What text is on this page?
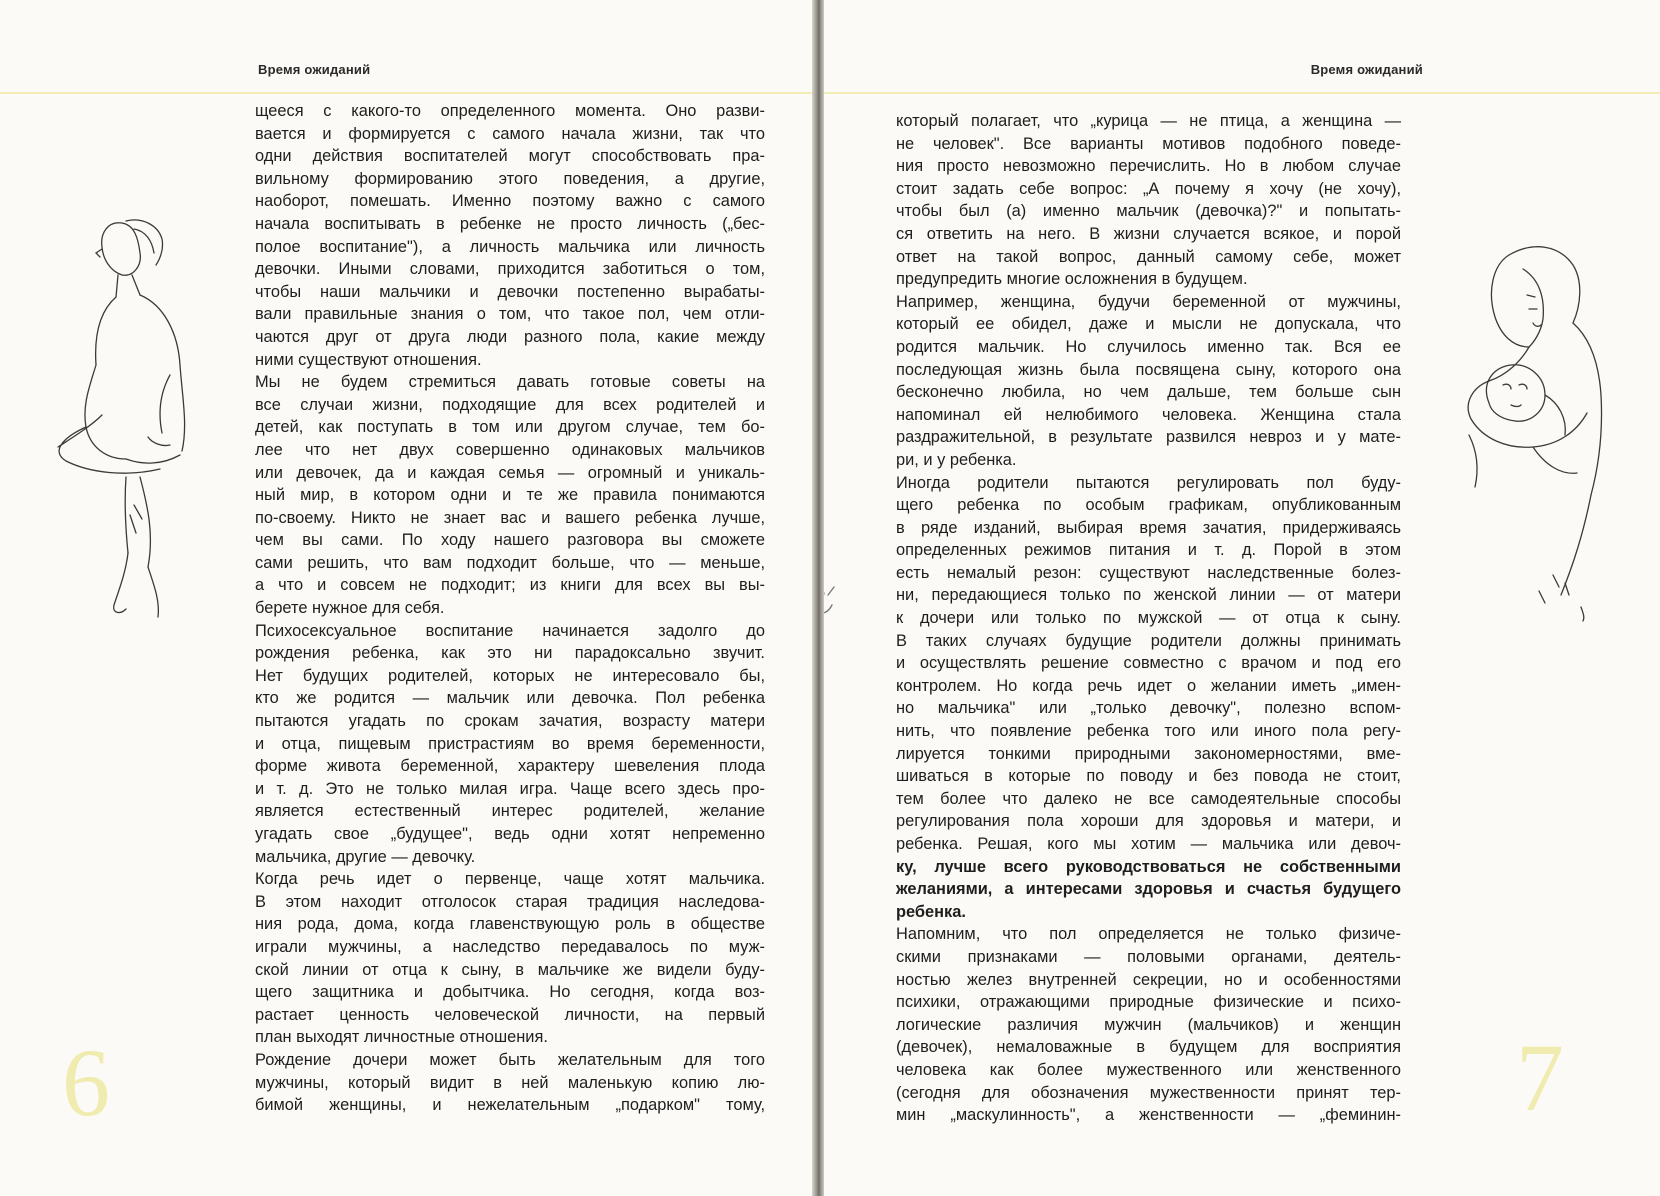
Время ожиданий
щееся с какого-то определенного момента. Оно разви-
вается и формируется с самого начала жизни, так что
одни действия воспитателей могут способствовать пра-
вильному формированию этого поведения, а другие,
наоборот, помешать. Именно поэтому важно с самого
начала воспитывать в ребенке не просто личность („бес-
полое воспитание"), а личность мальчика или личность
девочки. Иными словами, приходится заботиться о том,
чтобы наши мальчики и девочки постепенно вырабаты-
вали правильные знания о том, что такое пол, чем отли-
чаются друг от друга люди разного пола, какие между
ними существуют отношения.
Мы не будем стремиться давать готовые советы на
все случаи жизни, подходящие для всех родителей и
детей, как поступать в том или другом случае, тем бо-
лее что нет двух совершенно одинаковых мальчиков
или девочек, да и каждая семья — огромный и уникаль-
ный мир, в котором одни и те же правила понимаются
по-своему. Никто не знает вас и вашего ребенка лучше,
чем вы сами. По ходу нашего разговора вы сможете
сами решить, что вам подходит больше, что — меньше,
а что и совсем не подходит; из книги для всех вы вы-
берете нужное для себя.
Психосексуальное воспитание начинается задолго до
рождения ребенка, как это ни парадоксально звучит.
Нет будущих родителей, которых не интересовало бы,
кто же родится — мальчик или девочка. Пол ребенка
пытаются угадать по срокам зачатия, возрасту матери
и отца, пищевым пристрастиям во время беременности,
форме живота беременной, характеру шевеления плода
и т. д. Это не только милая игра. Чаще всего здесь про-
является естественный интерес родителей, желание
угадать свое „будущее", ведь одни хотят непременно
мальчика, другие — девочку.
Когда речь идет о первенце, чаще хотят мальчика.
В этом находит отголосок старая традиция наследова-
ния рода, дома, когда главенствующую роль в обществе
играли мужчины, а наследство передавалось по муж-
ской линии от отца к сыну, в мальчике же видели буду-
щего защитника и добытчика. Но сегодня, когда воз-
растает ценность человеческой личности, на первый
план выходят личностные отношения.
Рождение дочери может быть желательным для того
мужчины, который видит в ней маленькую копию лю-
бимой женщины, и нежелательным „подарком" тому,
6
Время ожиданий
который полагает, что „курица — не птица, а женщина —
не человек". Все варианты мотивов подобного поведе-
ния просто невозможно перечислить. Но в любом случае
стоит задать себе вопрос: „А почему я хочу (не хочу),
чтобы был (а) именно мальчик (девочка)?" и попытать-
ся ответить на него. В жизни случается всякое, и порой
ответ на такой вопрос, данный самому себе, может
предупредить многие осложнения в будущем.
Например, женщина, будучи беременной от мужчины,
который ее обидел, даже и мысли не допускала, что
родится мальчик. Но случилось именно так. Вся ее
последующая жизнь была посвящена сыну, которого она
бесконечно любила, но чем дальше, тем больше сын
напоминал ей нелюбимого человека. Женщина стала
раздражительной, в результате развился невроз и у мате-
ри, и у ребенка.
Иногда родители пытаются регулировать пол буду-
щего ребенка по особым графикам, опубликованным
в ряде изданий, выбирая время зачатия, придерживаясь
определенных режимов питания и т. д. Порой в этом
есть немалый резон: существуют наследственные болез-
ни, передающиеся только по женской линии — от матери
к дочери или только по мужской — от отца к сыну.
В таких случаях будущие родители должны принимать
и осуществлять решение совместно с врачом и под его
контролем. Но когда речь идет о желании иметь „имен-
но мальчика" или „только девочку", полезно вспом-
нить, что появление ребенка того или иного пола регу-
лируется тонкими природными закономерностями, вме-
шиваться в которые по поводу и без повода не стоит,
тем более что далеко не все самодеятельные способы
регулирования пола хороши для здоровья и матери, и
ребенка. Решая, кого мы хотим — мальчика или девоч-
ку, лучше всего руководствоваться не собственными
желаниями, а интересами здоровья и счастья будущего
ребенка.
Напомним, что пол определяется не только физиче-
скими признаками — половыми органами, деятель-
ностью желез внутренней секреции, но и особенностями
психики, отражающими природные физические и психо-
логические различия мужчин (мальчиков) и женщин
(девочек), немаловажные в будущем для восприятия
человека как более мужественного или женственного
(сегодня для обозначения мужественности принят тер-
мин „маскулинность", а женственности — „феминин- 7
